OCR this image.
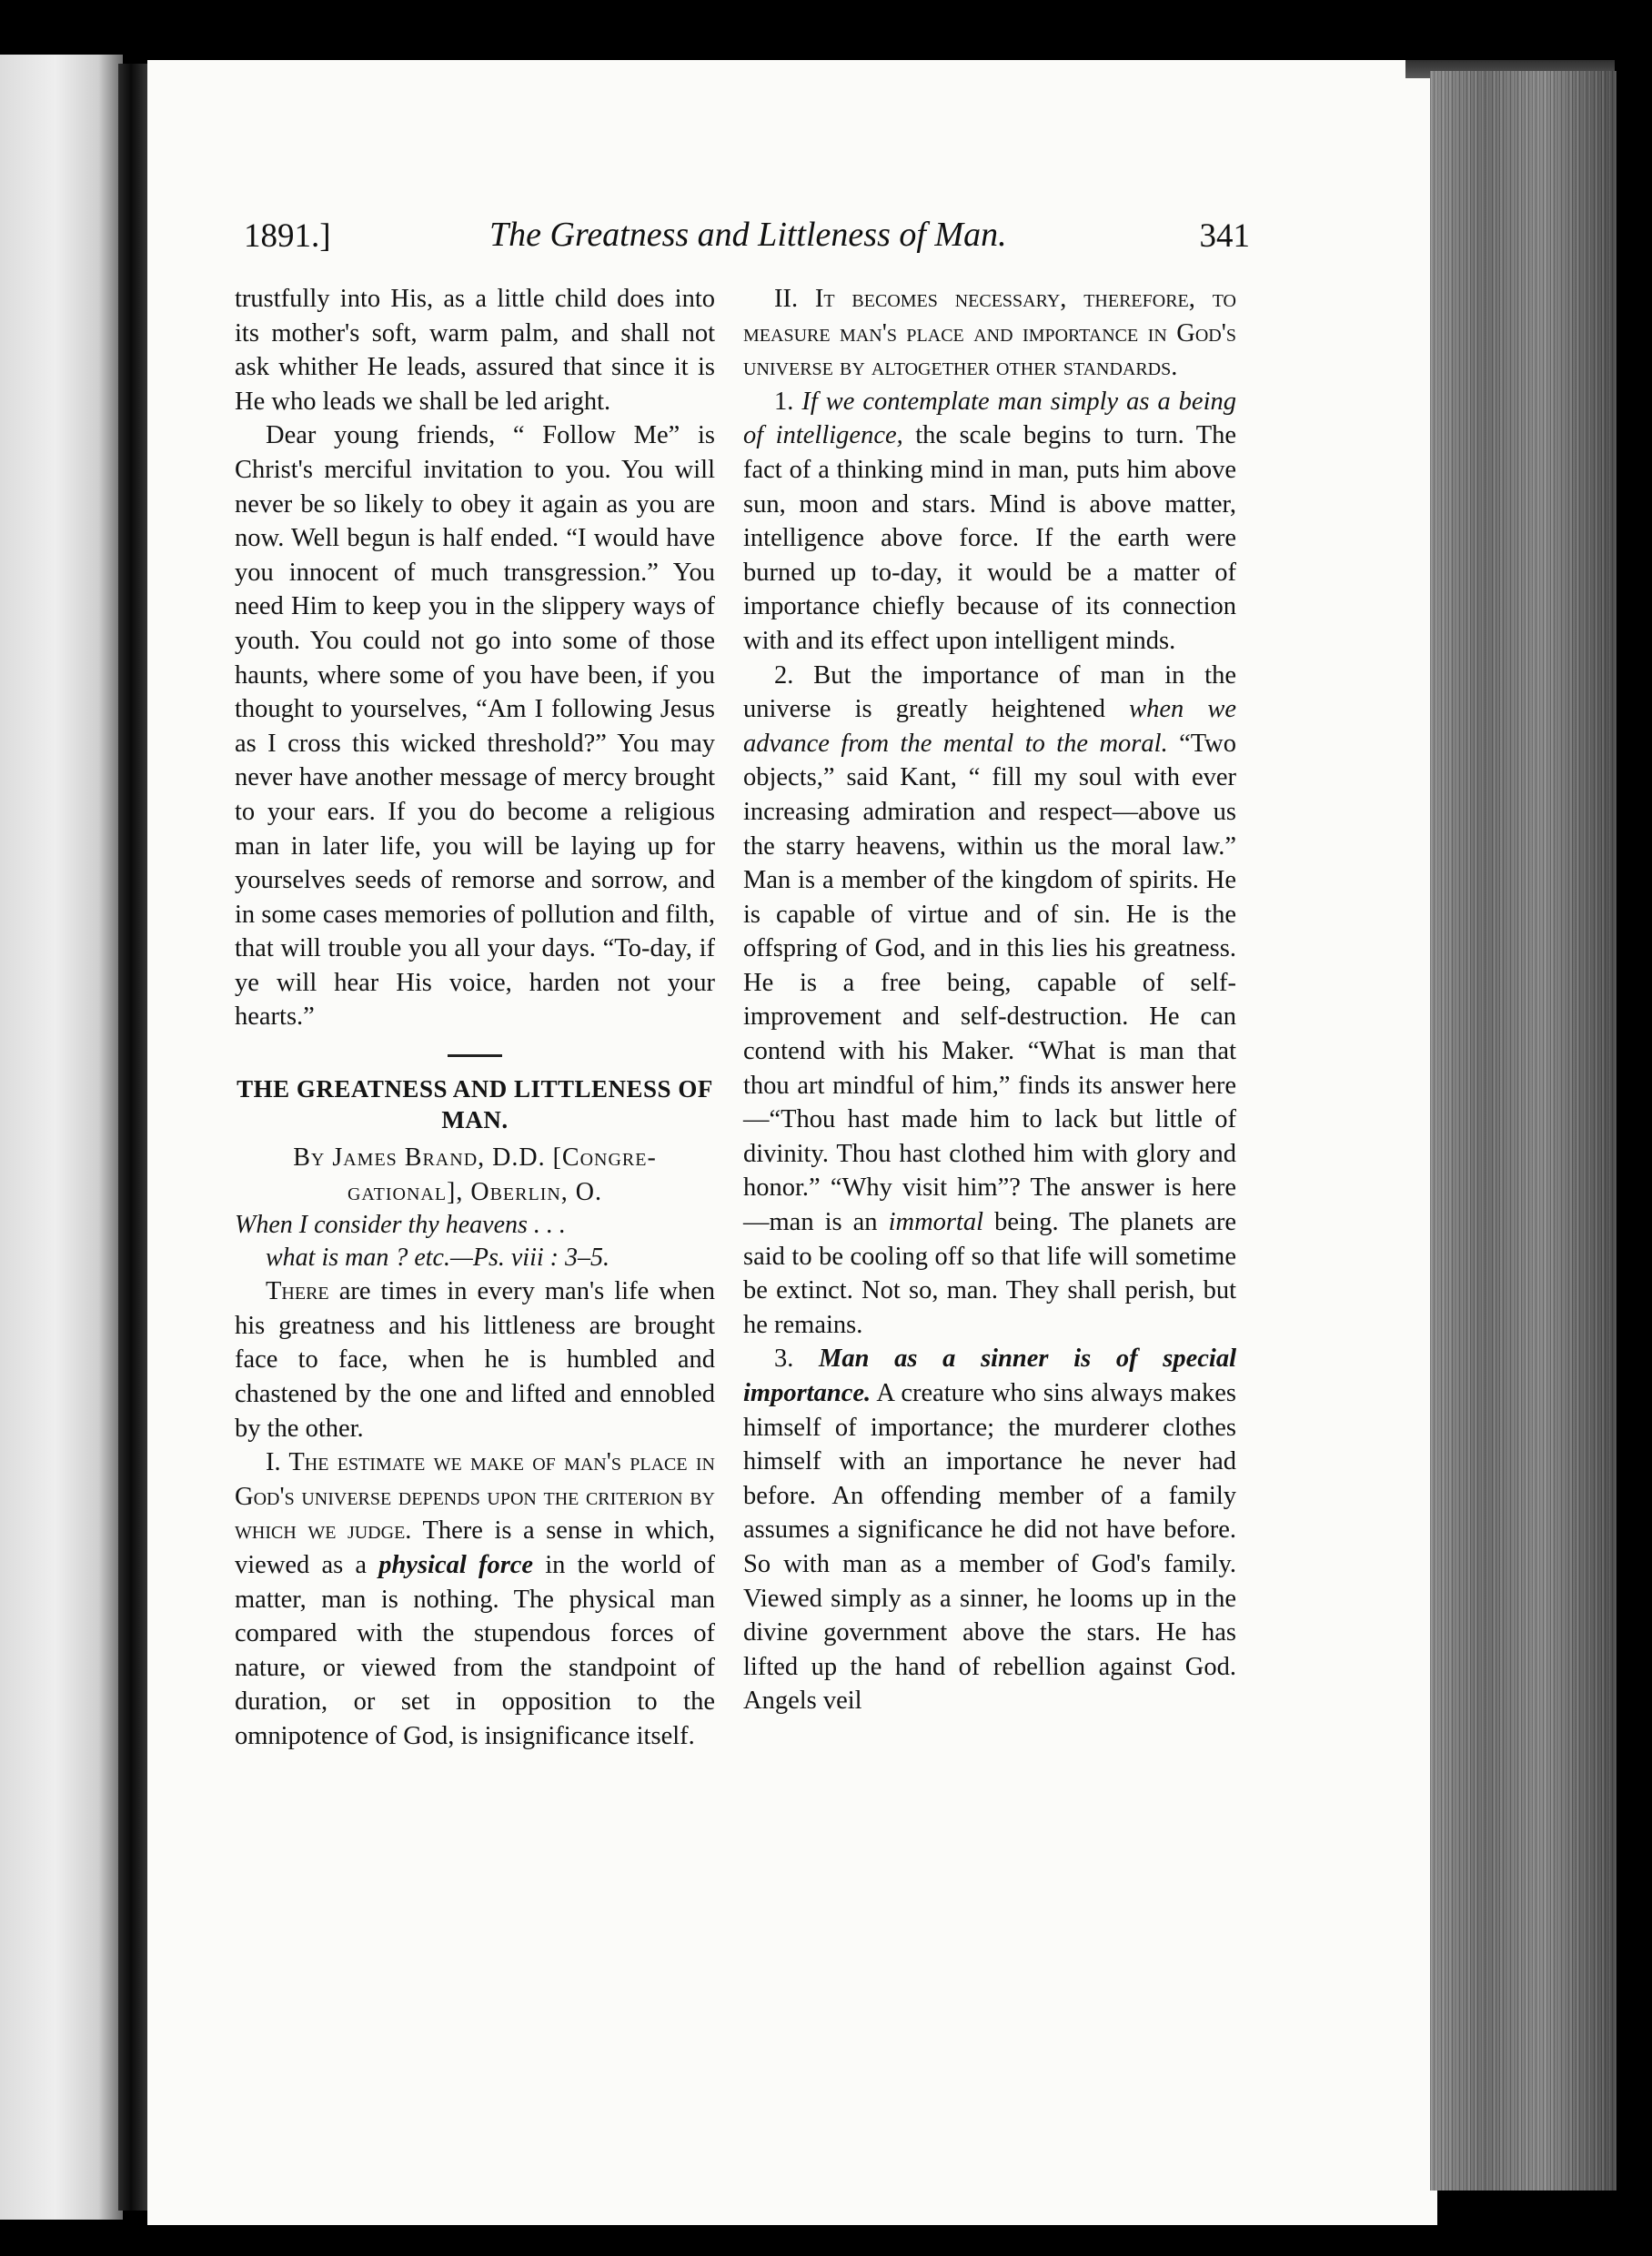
1891.]	The Greatness and Littleness of Man.	341

trustfully into His, as a little child does into its mother's soft, warm palm, and shall not ask whither He leads, assured that since it is He who leads we shall be led aright.

Dear young friends, “ Follow Me” is Christ's merciful invitation to you. You will never be so likely to obey it again as you are now. Well begun is half ended. “I would have you innocent of much transgression.” You need Him to keep you in the slippery ways of youth. You could not go into some of those haunts, where some of you have been, if you thought to yourselves, “Am I following Jesus as I cross this wicked threshold?” You may never have another message of mercy brought to your ears. If you do become a religious man in later life, you will be laying up for yourselves seeds of remorse and sorrow, and in some cases memories of pollution and filth, that will trouble you all your days. “To-day, if ye will hear His voice, harden not your hearts.”

THE GREATNESS AND LITTLENESS OF MAN.
By James Brand, D.D. [Congre-
gational], Oberlin, O.

When I consider thy heavens . . .

what is man ? etc.—Ps. viii : 3–5.

There are times in every man's life when his greatness and his littleness are brought face to face, when he is humbled and chastened by the one and lifted and ennobled by the other.

I. The estimate we make of man's place in God's universe depends upon the criterion by which we judge. There is a sense in which, viewed as a physical force in the world of matter, man is nothing. The physical man compared with the stupendous forces of nature, or viewed from the standpoint of duration, or set in opposition to the omnipotence of God, is insignificance itself.

II. It becomes necessary, therefore, to measure man's place and importance in God's universe by altogether other standards.

1. If we contemplate man simply as a being of intelligence, the scale begins to turn. The fact of a thinking mind in man, puts him above sun, moon and stars. Mind is above matter, intelligence above force. If the earth were burned up to-day, it would be a matter of importance chiefly because of its connection with and its effect upon intelligent minds.

2. But the importance of man in the universe is greatly heightened when we advance from the mental to the moral. “Two objects,” said Kant, “ fill my soul with ever increasing admiration and respect—above us the starry heavens, within us the moral law.” Man is a member of the kingdom of spirits. He is capable of virtue and of sin. He is the offspring of God, and in this lies his greatness. He is a free being, capable of self-improvement and self-destruction. He can contend with his Maker. “What is man that thou art mindful of him,” finds its answer here—“Thou hast made him to lack but little of divinity. Thou hast clothed him with glory and honor.” “Why visit him”? The answer is here—man is an immortal being. The planets are said to be cooling off so that life will sometime be extinct. Not so, man. They shall perish, but he remains.

3. Man as a sinner is of special importance. A creature who sins always makes himself of importance; the murderer clothes himself with an importance he never had before. An offending member of a family assumes a significance he did not have before. So with man as a member of God's family. Viewed simply as a sinner, he looms up in the divine government above the stars. He has lifted up the hand of rebellion against God. Angels veil
